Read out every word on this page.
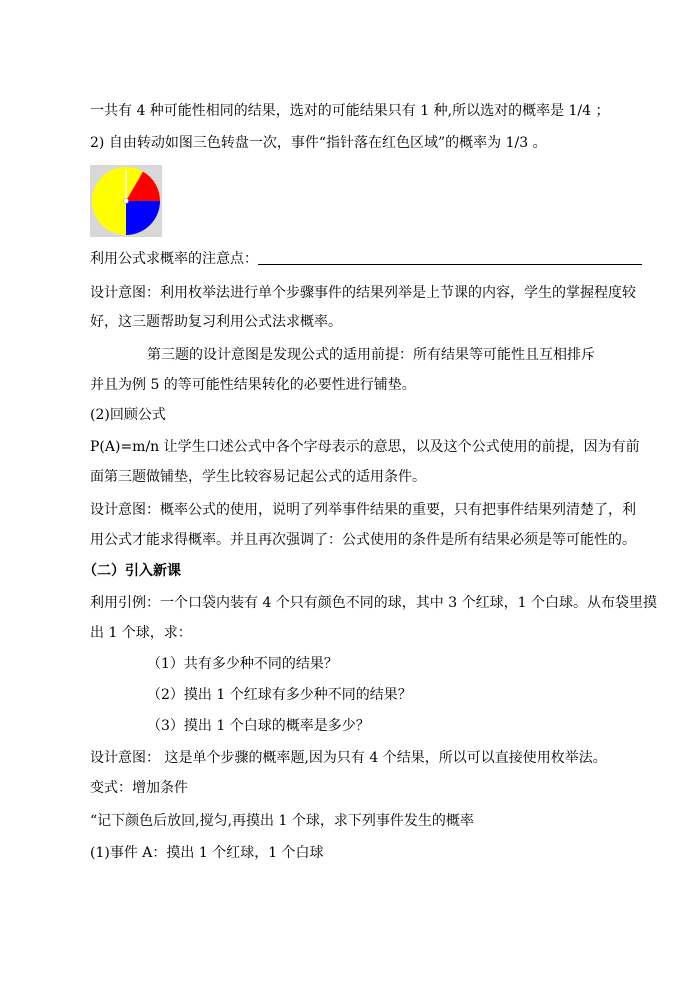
一共有 4 种可能性相同的结果，选对的可能结果只有 1 种,所以选对的概率是 1/4 ；
2) 自由转动如图三色转盘一次，事件“指针落在红色区域”的概率为 1/3 。
利用公式求概率的注意点：
设计意图：利用枚举法进行单个步骤事件的结果列举是上节课的内容，学生的掌握程度较
好，这三题帮助复习利用公式法求概率。
第三题的设计意图是发现公式的适用前提：所有结果等可能性且互相排斥
并且为例 5 的等可能性结果转化的必要性进行铺垫。
(2)回顾公式
P(A)=m/n 让学生口述公式中各个字母表示的意思，以及这个公式使用的前提，因为有前
面第三题做铺垫，学生比较容易记起公式的适用条件。
设计意图：概率公式的使用，说明了列举事件结果的重要，只有把事件结果列清楚了，利
用公式才能求得概率。并且再次强调了：公式使用的条件是所有结果必须是等可能性的。
（二）引入新课
利用引例：一个口袋内装有 4 个只有颜色不同的球，其中 3 个红球，1 个白球。从布袋里摸
出 1 个球，求：
（1）共有多少种不同的结果？
（2）摸出 1 个红球有多少种不同的结果？
（3）摸出 1 个白球的概率是多少？
设计意图： 这是单个步骤的概率题,因为只有 4 个结果，所以可以直接使用枚举法。
变式：增加条件
“记下颜色后放回,搅匀,再摸出 1 个球，求下列事件发生的概率
(1)事件 A：摸出 1 个红球，1 个白球
